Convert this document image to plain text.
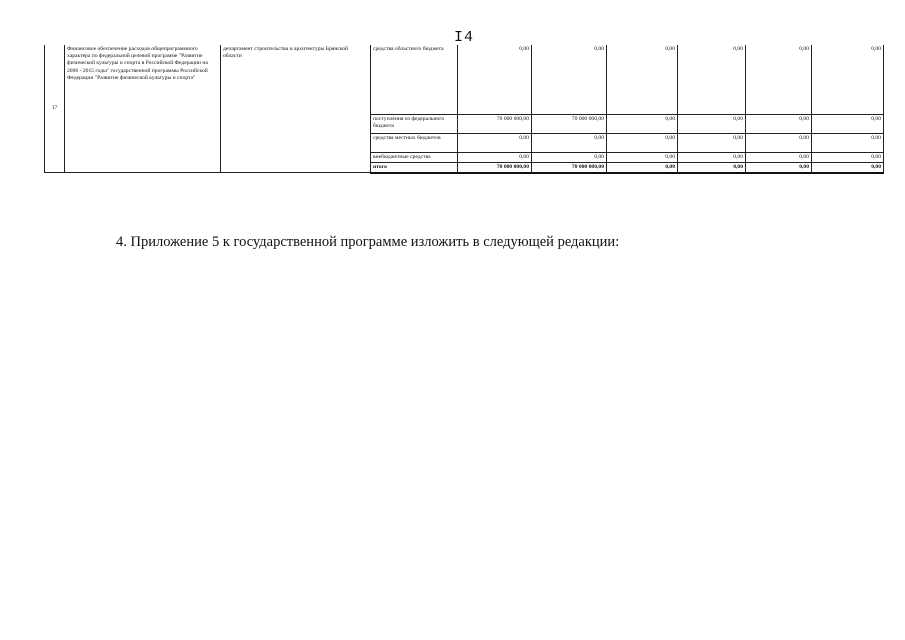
I4
17	Финансовое обеспечение расходов общепрограммного характера по федеральной целевой программе "Развитие физической культуры и спорта в Российской Федерации на 2006 - 2015 годы" государственной программы Российской Федерации "Развитие физической культуры и спорта"	департамент строительства и архитектуры Брянской области	средства областного бюджета	0,00	0,00	0,00	0,00	0,00	0,00
			поступления из федерального бюджета	70 000 000,00	70 000 000,00	0,00	0,00	0,00	0,00
			средства местных бюджетов	0,00	0,00	0,00	0,00	0,00	0,00
			внебюджетные средства	0,00	0,00	0,00	0,00	0,00	0,00
			итого	70 000 000,00	70 000 000,00	0,00	0,00	0,00	0,00
4. Приложение 5 к государственной программе изложить в следующей редакции:
